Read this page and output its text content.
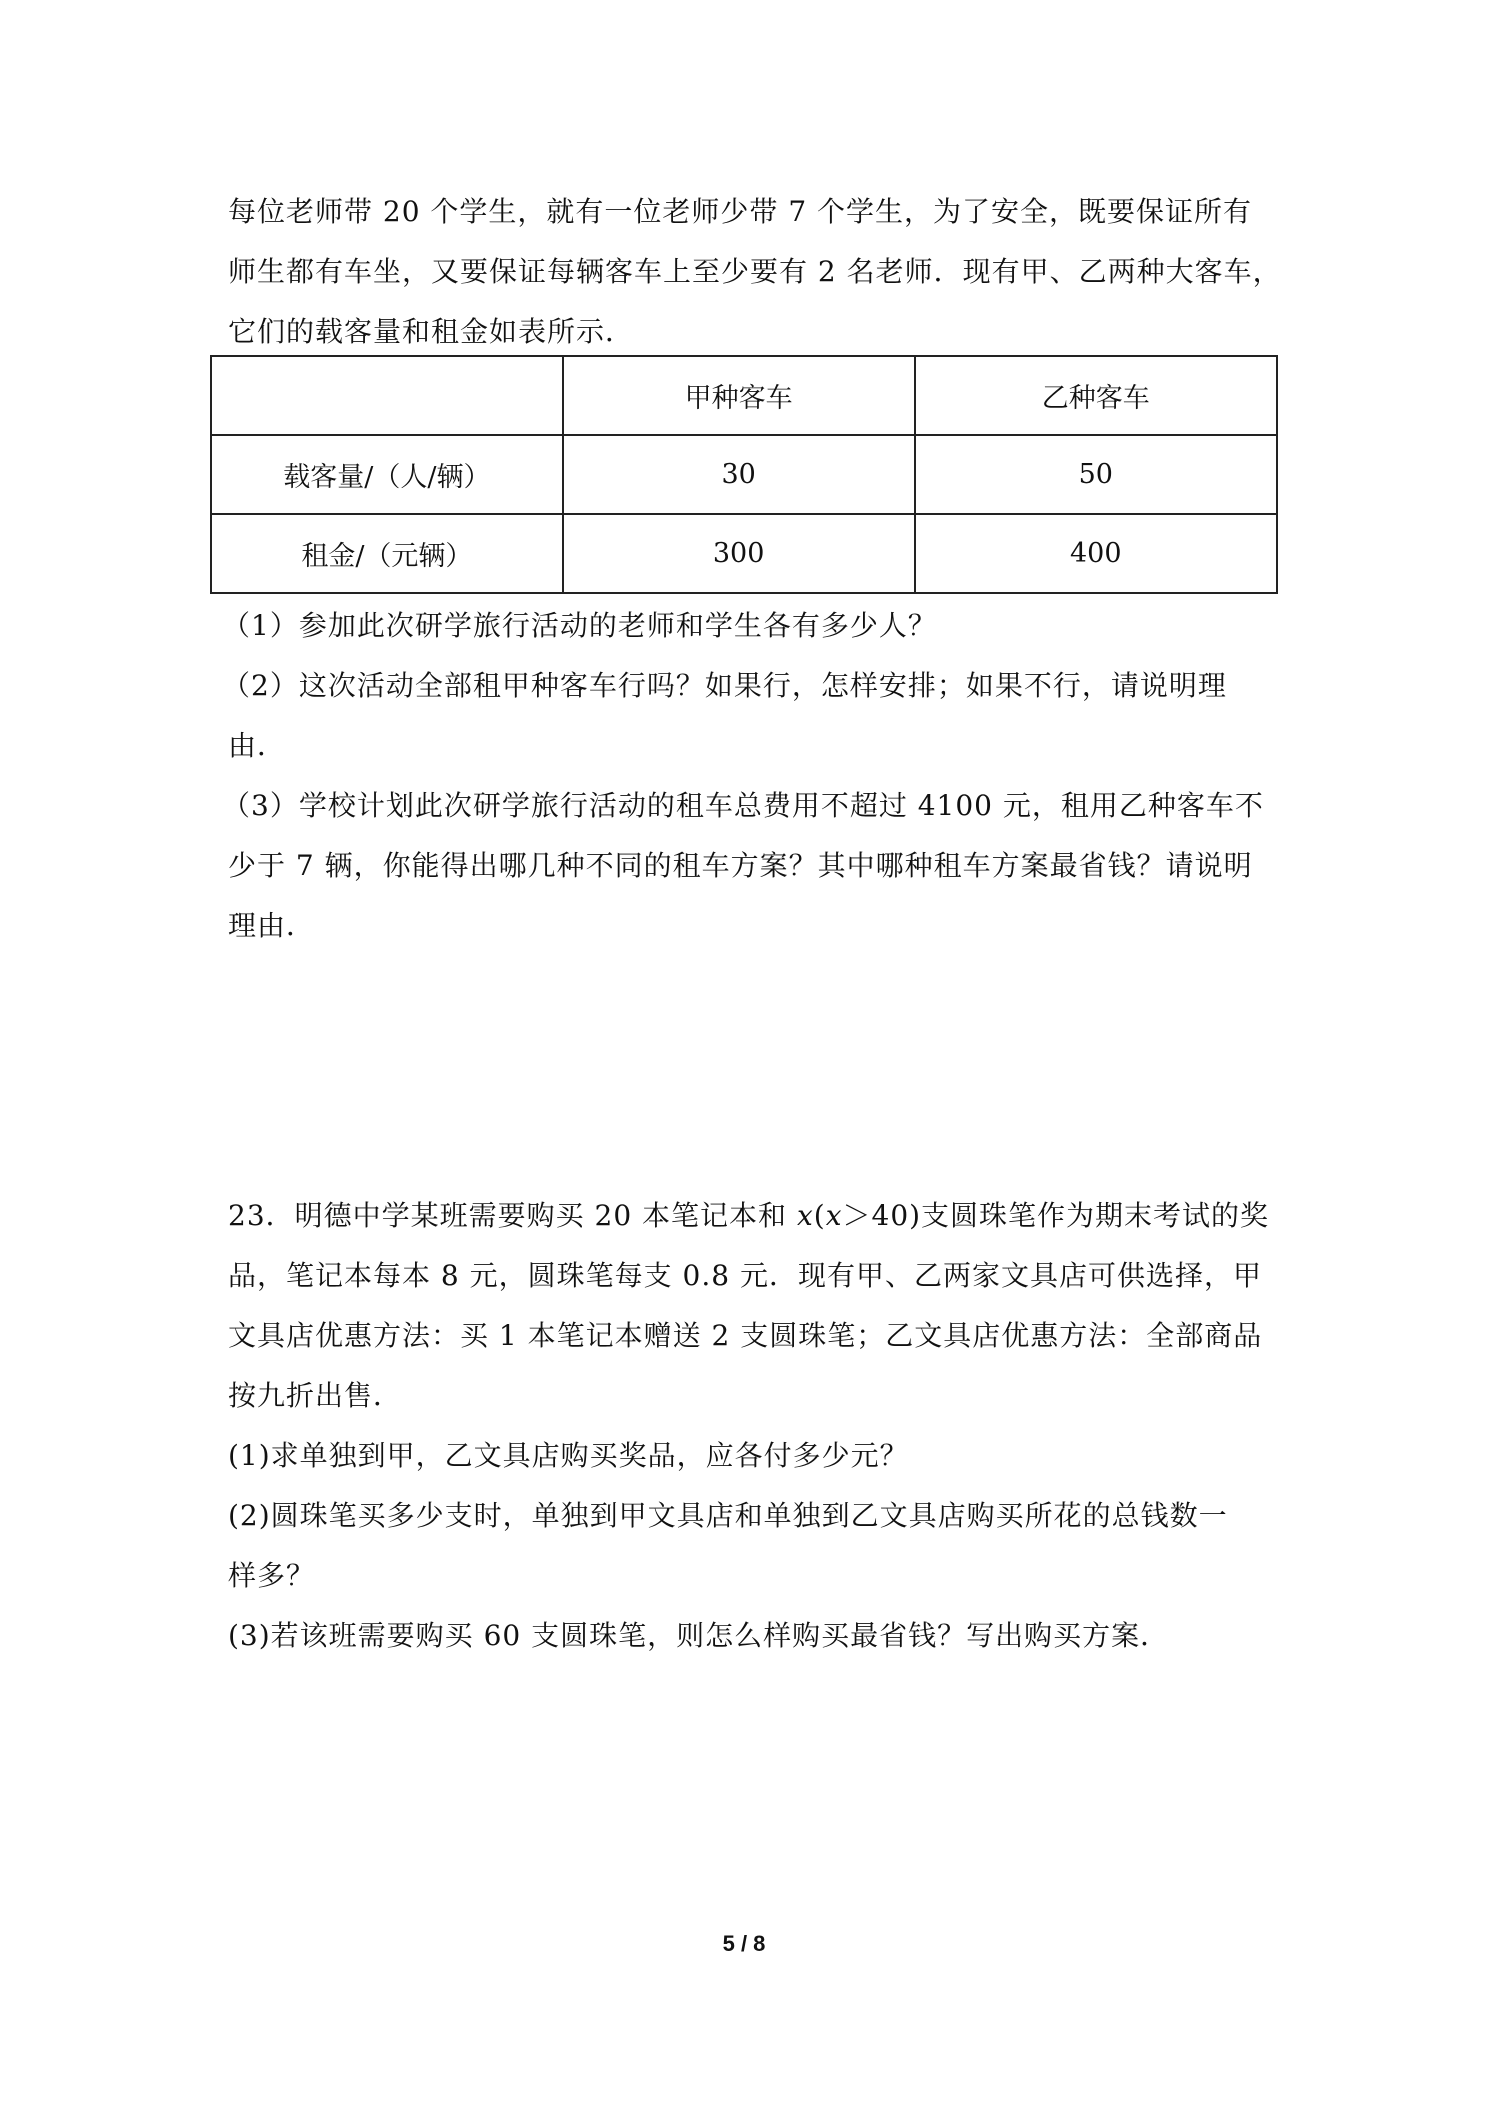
每位老师带 20 个学生，就有一位老师少带 7 个学生，为了安全，既要保证所有
师生都有车坐，又要保证每辆客车上至少要有 2 名老师．现有甲、乙两种大客车，
它们的载客量和租金如表所示．
	甲种客车	乙种客车
载客量/（人/辆）	30	50
租金/（元辆）	300	400
（1）参加此次研学旅行活动的老师和学生各有多少人？
（2）这次活动全部租甲种客车行吗？如果行，怎样安排；如果不行，请说明理
由．
（3）学校计划此次研学旅行活动的租车总费用不超过 4100 元，租用乙种客车不
少于 7 辆，你能得出哪几种不同的租车方案？其中哪种租车方案最省钱？请说明
理由．
23．明德中学某班需要购买 20 本笔记本和 x(x＞40)支圆珠笔作为期末考试的奖
品，笔记本每本 8 元，圆珠笔每支 0.8 元．现有甲、乙两家文具店可供选择，甲
文具店优惠方法：买 1 本笔记本赠送 2 支圆珠笔；乙文具店优惠方法：全部商品
按九折出售．
(1)求单独到甲，乙文具店购买奖品，应各付多少元？
(2)圆珠笔买多少支时，单独到甲文具店和单独到乙文具店购买所花的总钱数一
样多？
(3)若该班需要购买 60 支圆珠笔，则怎么样购买最省钱？写出购买方案．
5 / 8
